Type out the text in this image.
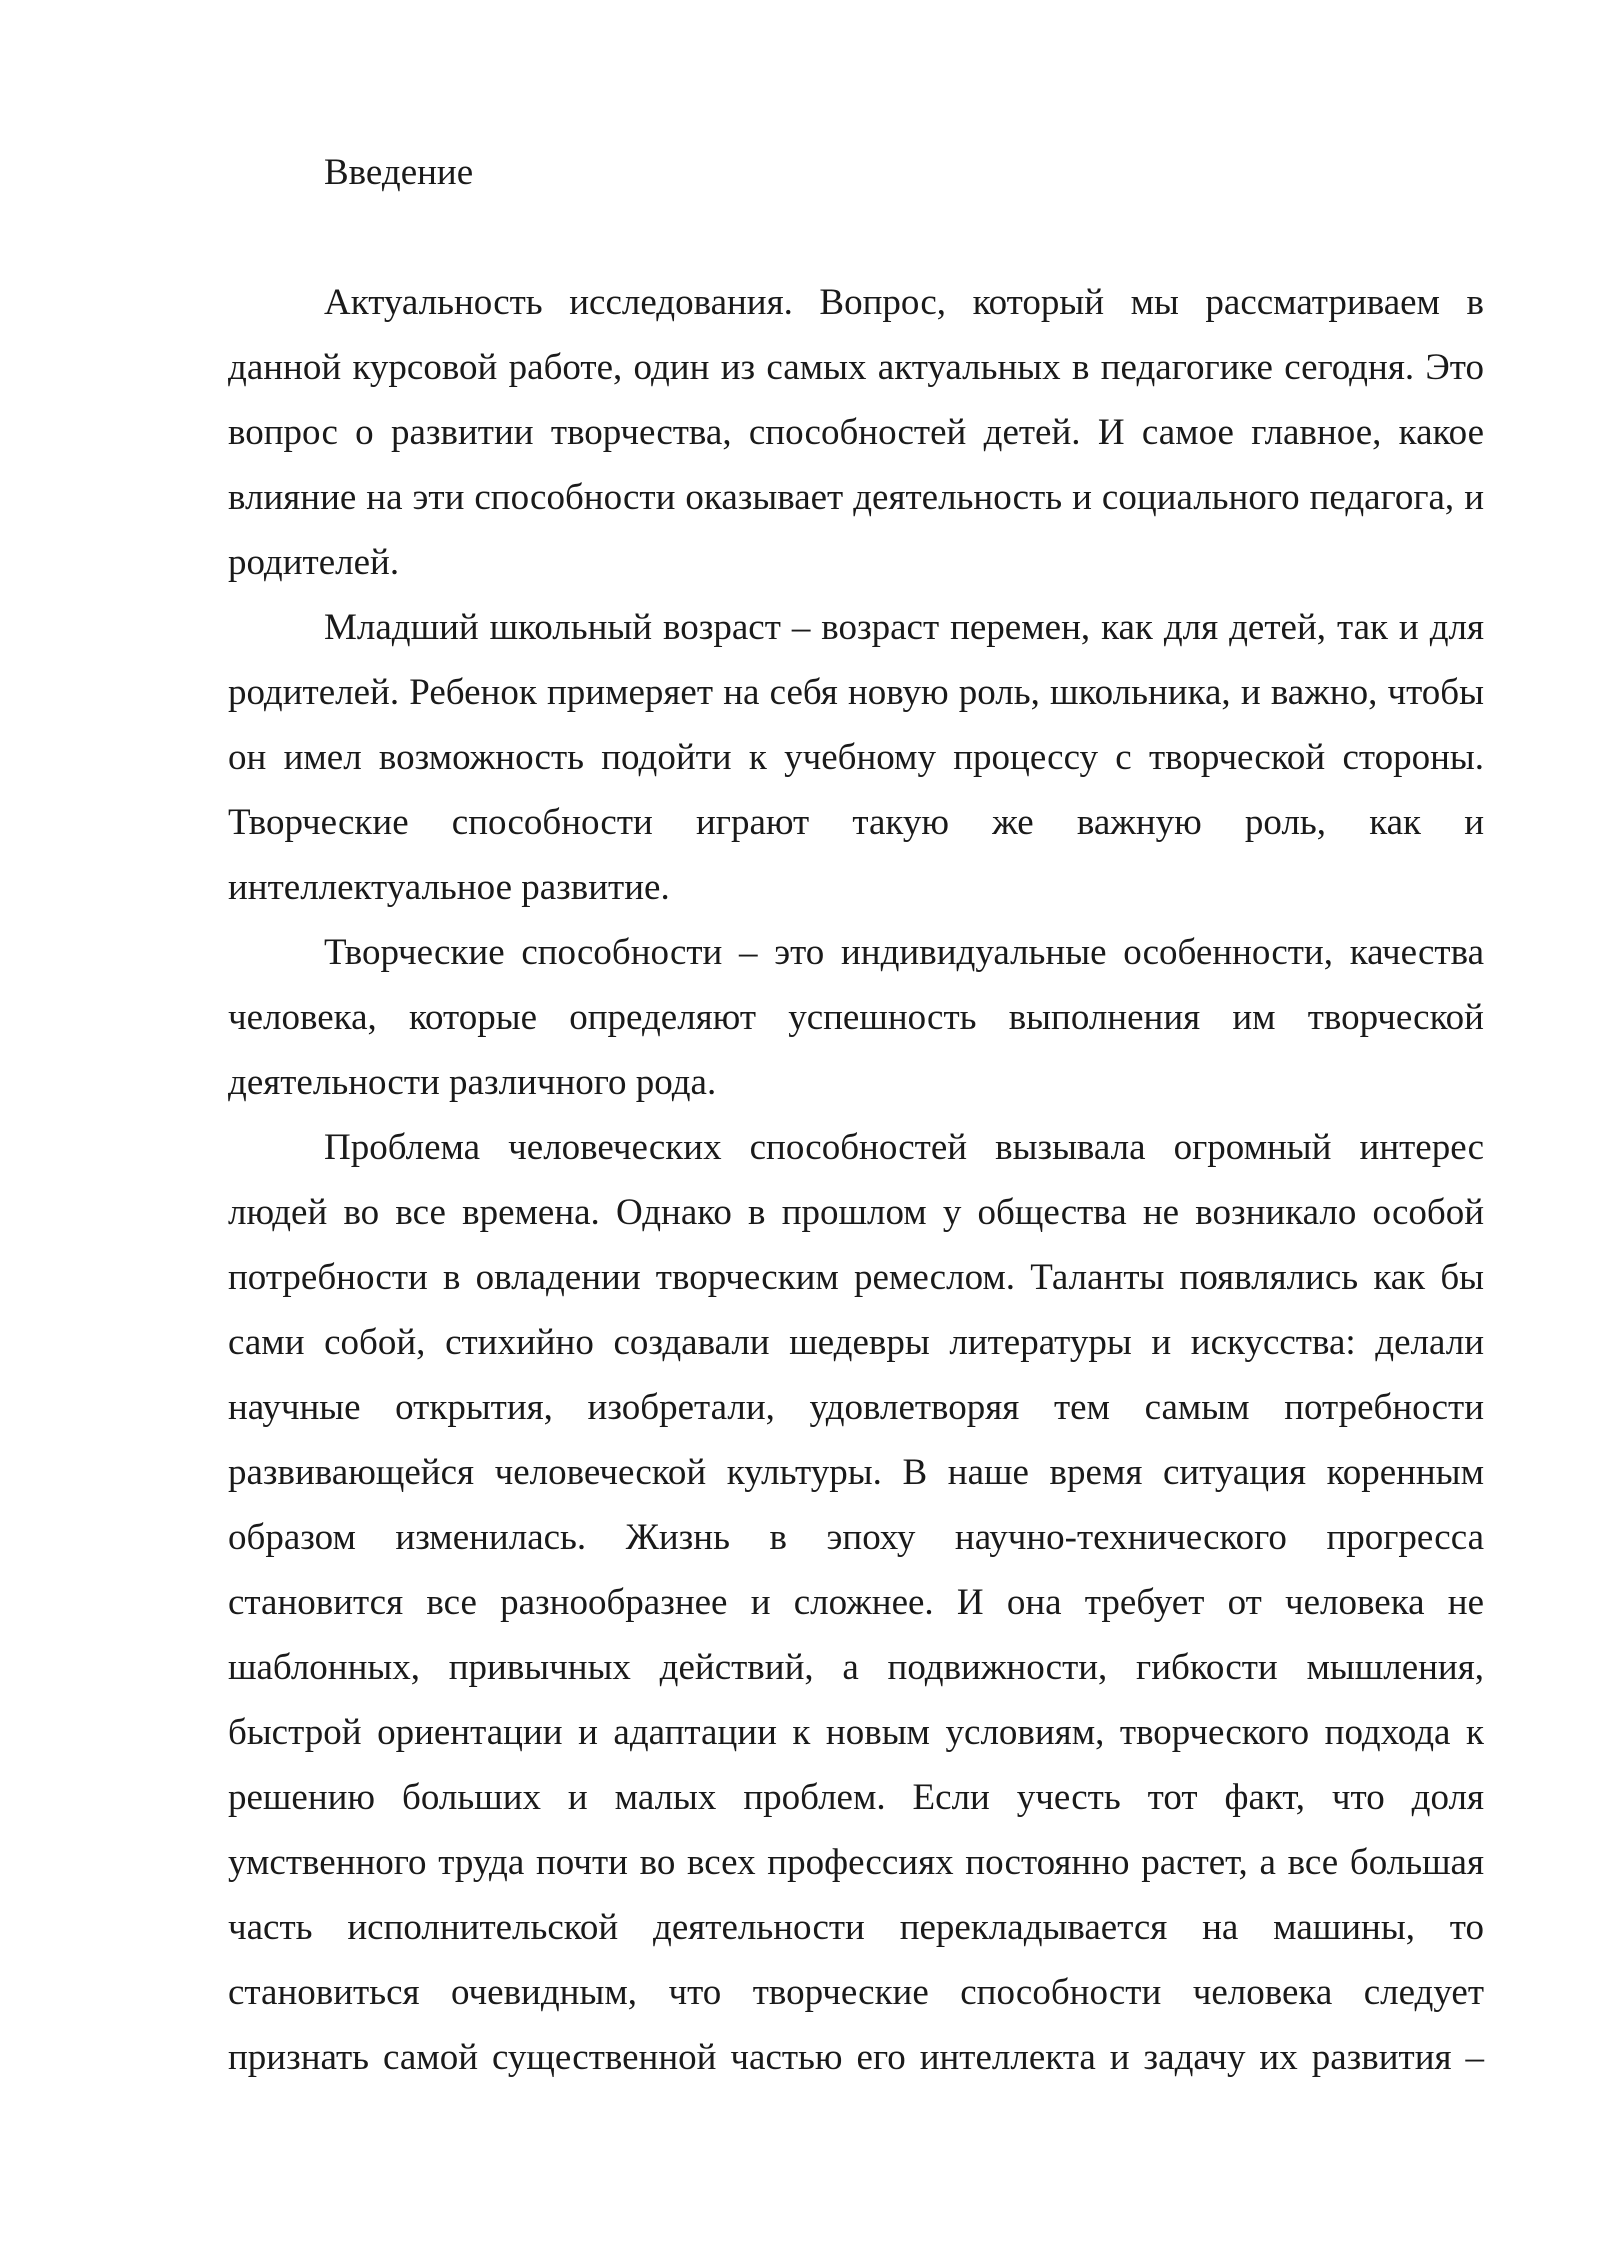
Введение

Актуальность исследования. Вопрос, который мы рассматриваем в данной курсовой работе, один из самых актуальных в педагогике сегодня. Это вопрос о развитии творчества, способностей детей. И самое главное, какое влияние на эти способности оказывает деятельность и социального педагога, и родителей.

Младший школьный возраст – возраст перемен, как для детей, так и для родителей. Ребенок примеряет на себя новую роль, школьника, и важно, чтобы он имел возможность подойти к учебному процессу с творческой стороны. Творческие способности играют такую же важную роль, как и интеллектуальное развитие.

Творческие способности – это индивидуальные особенности, качества человека, которые определяют успешность выполнения им творческой деятельности различного рода.

Проблема человеческих способностей вызывала огромный интерес людей во все времена. Однако в прошлом у общества не возникало особой потребности в овладении творческим ремеслом. Таланты появлялись как бы сами собой, стихийно создавали шедевры литературы и искусства: делали научные открытия, изобретали, удовлетворяя тем самым потребности развивающейся человеческой культуры. В наше время ситуация коренным образом изменилась. Жизнь в эпоху научно-технического прогресса становится все разнообразнее и сложнее. И она требует от человека не шаблонных, привычных действий, а подвижности, гибкости мышления, быстрой ориентации и адаптации к новым условиям, творческого подхода к решению больших и малых проблем. Если учесть тот факт, что доля умственного труда почти во всех профессиях постоянно растет, а все большая часть исполнительской деятельности перекладывается на машины, то становиться очевидным, что творческие способности человека следует признать самой существенной частью его интеллекта и задачу их развития –
